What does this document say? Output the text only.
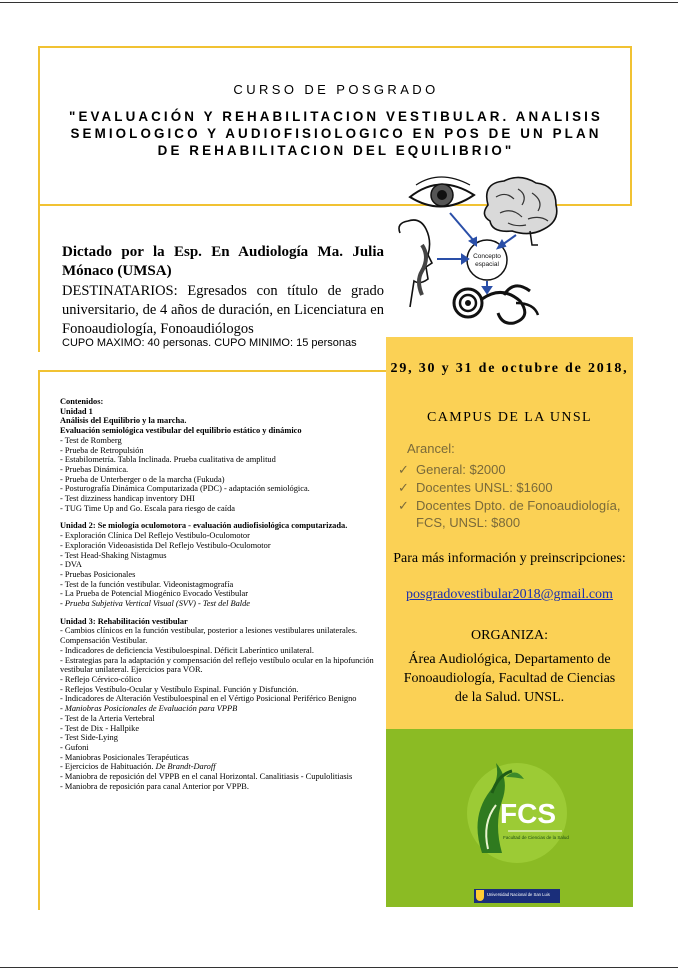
CURSO DE POSGRADO
"EVALUACIÓN Y REHABILITACION VESTIBULAR. ANALISIS SEMIOLOGICO Y AUDIOFISIOLOGICO EN POS DE UN PLAN DE REHABILITACION DEL EQUILIBRIO"
Concepto
espacial
Dictado por la Esp. En Audiología Ma. Julia Mónaco (UMSA)
DESTINATARIOS: Egresados con título de grado universitario, de 4 años de duración, en Licenciatura en Fonoaudiología, Fonoaudiólogos
CUPO MAXIMO: 40 personas. CUPO MINIMO: 15 personas
29, 30 y 31 de octubre de 2018,
CAMPUS DE LA UNSL
Arancel:
✓ General: $2000
✓ Docentes UNSL: $1600
✓ Docentes Dpto. de Fonoaudiología, FCS, UNSL: $800
Para más información y preinscripciones:
posgradovestibular2018@gmail.com
ORGANIZA:
Área Audiológica, Departamento de Fonoaudiología, Facultad de Ciencias de la Salud. UNSL.
FCS
Facultad de Ciencias de la Salud
Universidad Nacional de San Luis
Contenidos:
Unidad 1
Análisis del Equilibrio y la marcha.
Evaluación semiológica vestibular del equilibrio estático y dinámico
- Test de Romberg
- Prueba de Retropulsión
- Estabilometría. Tabla Inclinada. Prueba cualitativa de amplitud
- Pruebas Dinámica.
- Prueba de Unterberger o de la marcha (Fukuda)
- Posturografía Dinámica Computarizada (PDC) - adaptación semiológica.
- Test dizziness handicap inventory DHI
- TUG Time Up and Go. Escala para riesgo de caída
Unidad 2: Se miología oculomotora - evaluación audiofisiológica computarizada.
- Exploración Clínica Del Reflejo Vestibulo-Oculomotor
- Exploración Videoasistida Del Reflejo Vestibulo-Oculomotor
- Test Head-Shaking Nistagmus
- DVA
- Pruebas Posicionales
- Test de la función vestibular. Videonistagmografía
- La Prueba de Potencial Miogénico Evocado Vestibular
- Prueba Subjetiva Vertical Visual (SVV) - Test del Balde
Unidad 3: Rehabilitación vestibular
- Cambios clínicos en la función vestibular, posterior a lesiones vestibulares unilaterales. Compensación Vestibular.
- Indicadores de deficiencia Vestibuloespinal. Déficit Laberíntico unilateral.
- Estrategias para la adaptación y compensación del reflejo vestíbulo ocular en la hipofunción vestibular unilateral. Ejercicios para VOR.
- Reflejo Cérvico-cólico
- Reflejos Vestíbulo-Ocular y Vestíbulo Espinal. Función y Disfunción.
- Indicadores de Alteración Vestibuloespinal en el Vértigo Posicional Periférico Benigno
- Maniobras Posicionales de Evaluación para VPPB
- Test de la Arteria Vertebral
- Test de Dix - Hallpike
- Test Side-Lying
- Gufoni
- Maniobras Posicionales Terapéuticas
- Ejercicios de Habituación. De Brandt-Daroff
- Maniobra de reposición del VPPB en el canal Horizontal. Canalitiasis - Cupulolitiasis
- Maniobra de reposición para canal Anterior por VPPB.
